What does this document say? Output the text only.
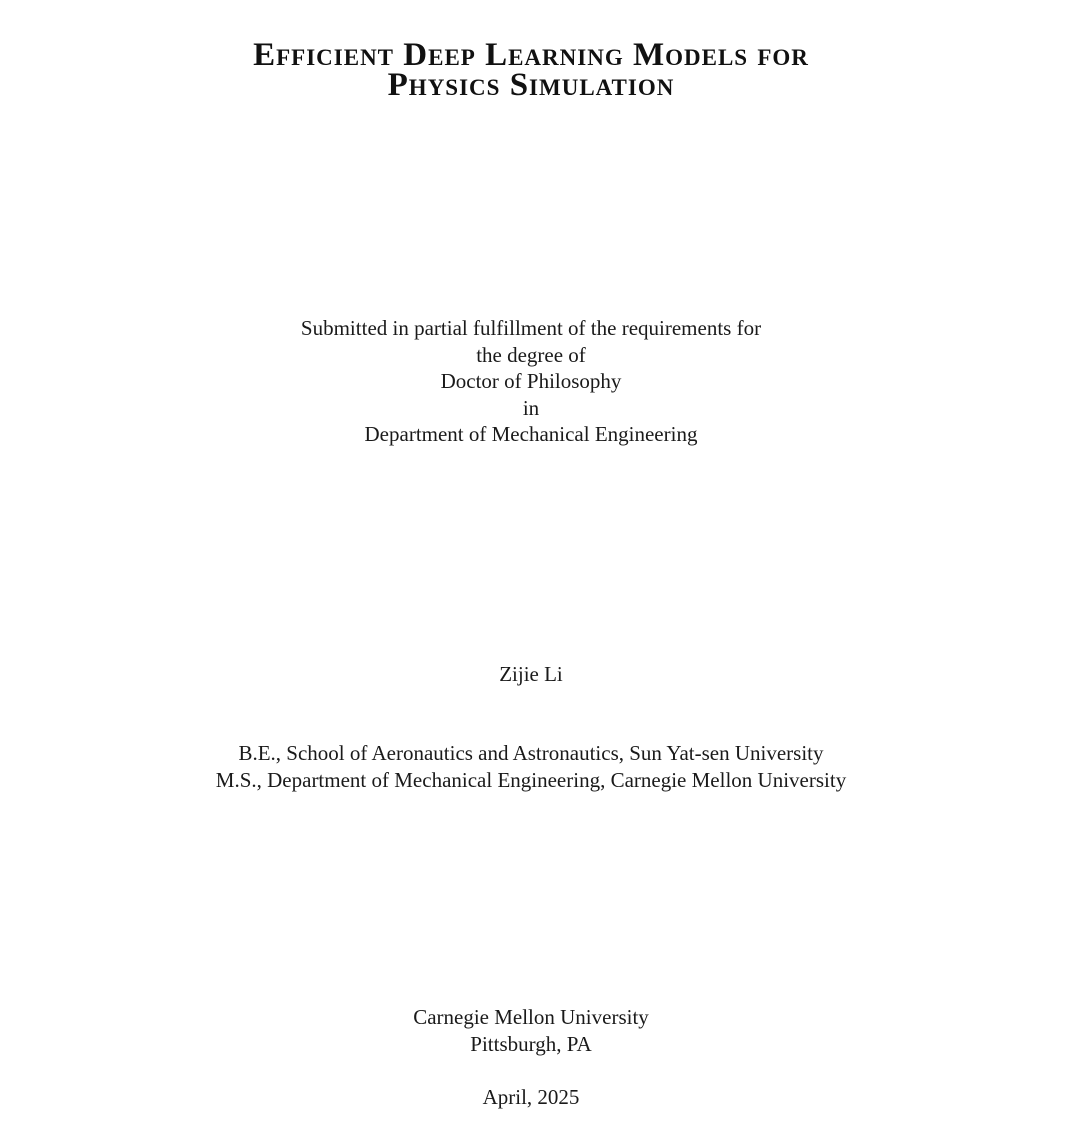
Efficient Deep Learning Models for
Physics Simulation
Submitted in partial fulfillment of the requirements for
the degree of
Doctor of Philosophy
in
Department of Mechanical Engineering
Zijie Li
B.E., School of Aeronautics and Astronautics, Sun Yat-sen University
M.S., Department of Mechanical Engineering, Carnegie Mellon University
Carnegie Mellon University
Pittsburgh, PA
April, 2025
